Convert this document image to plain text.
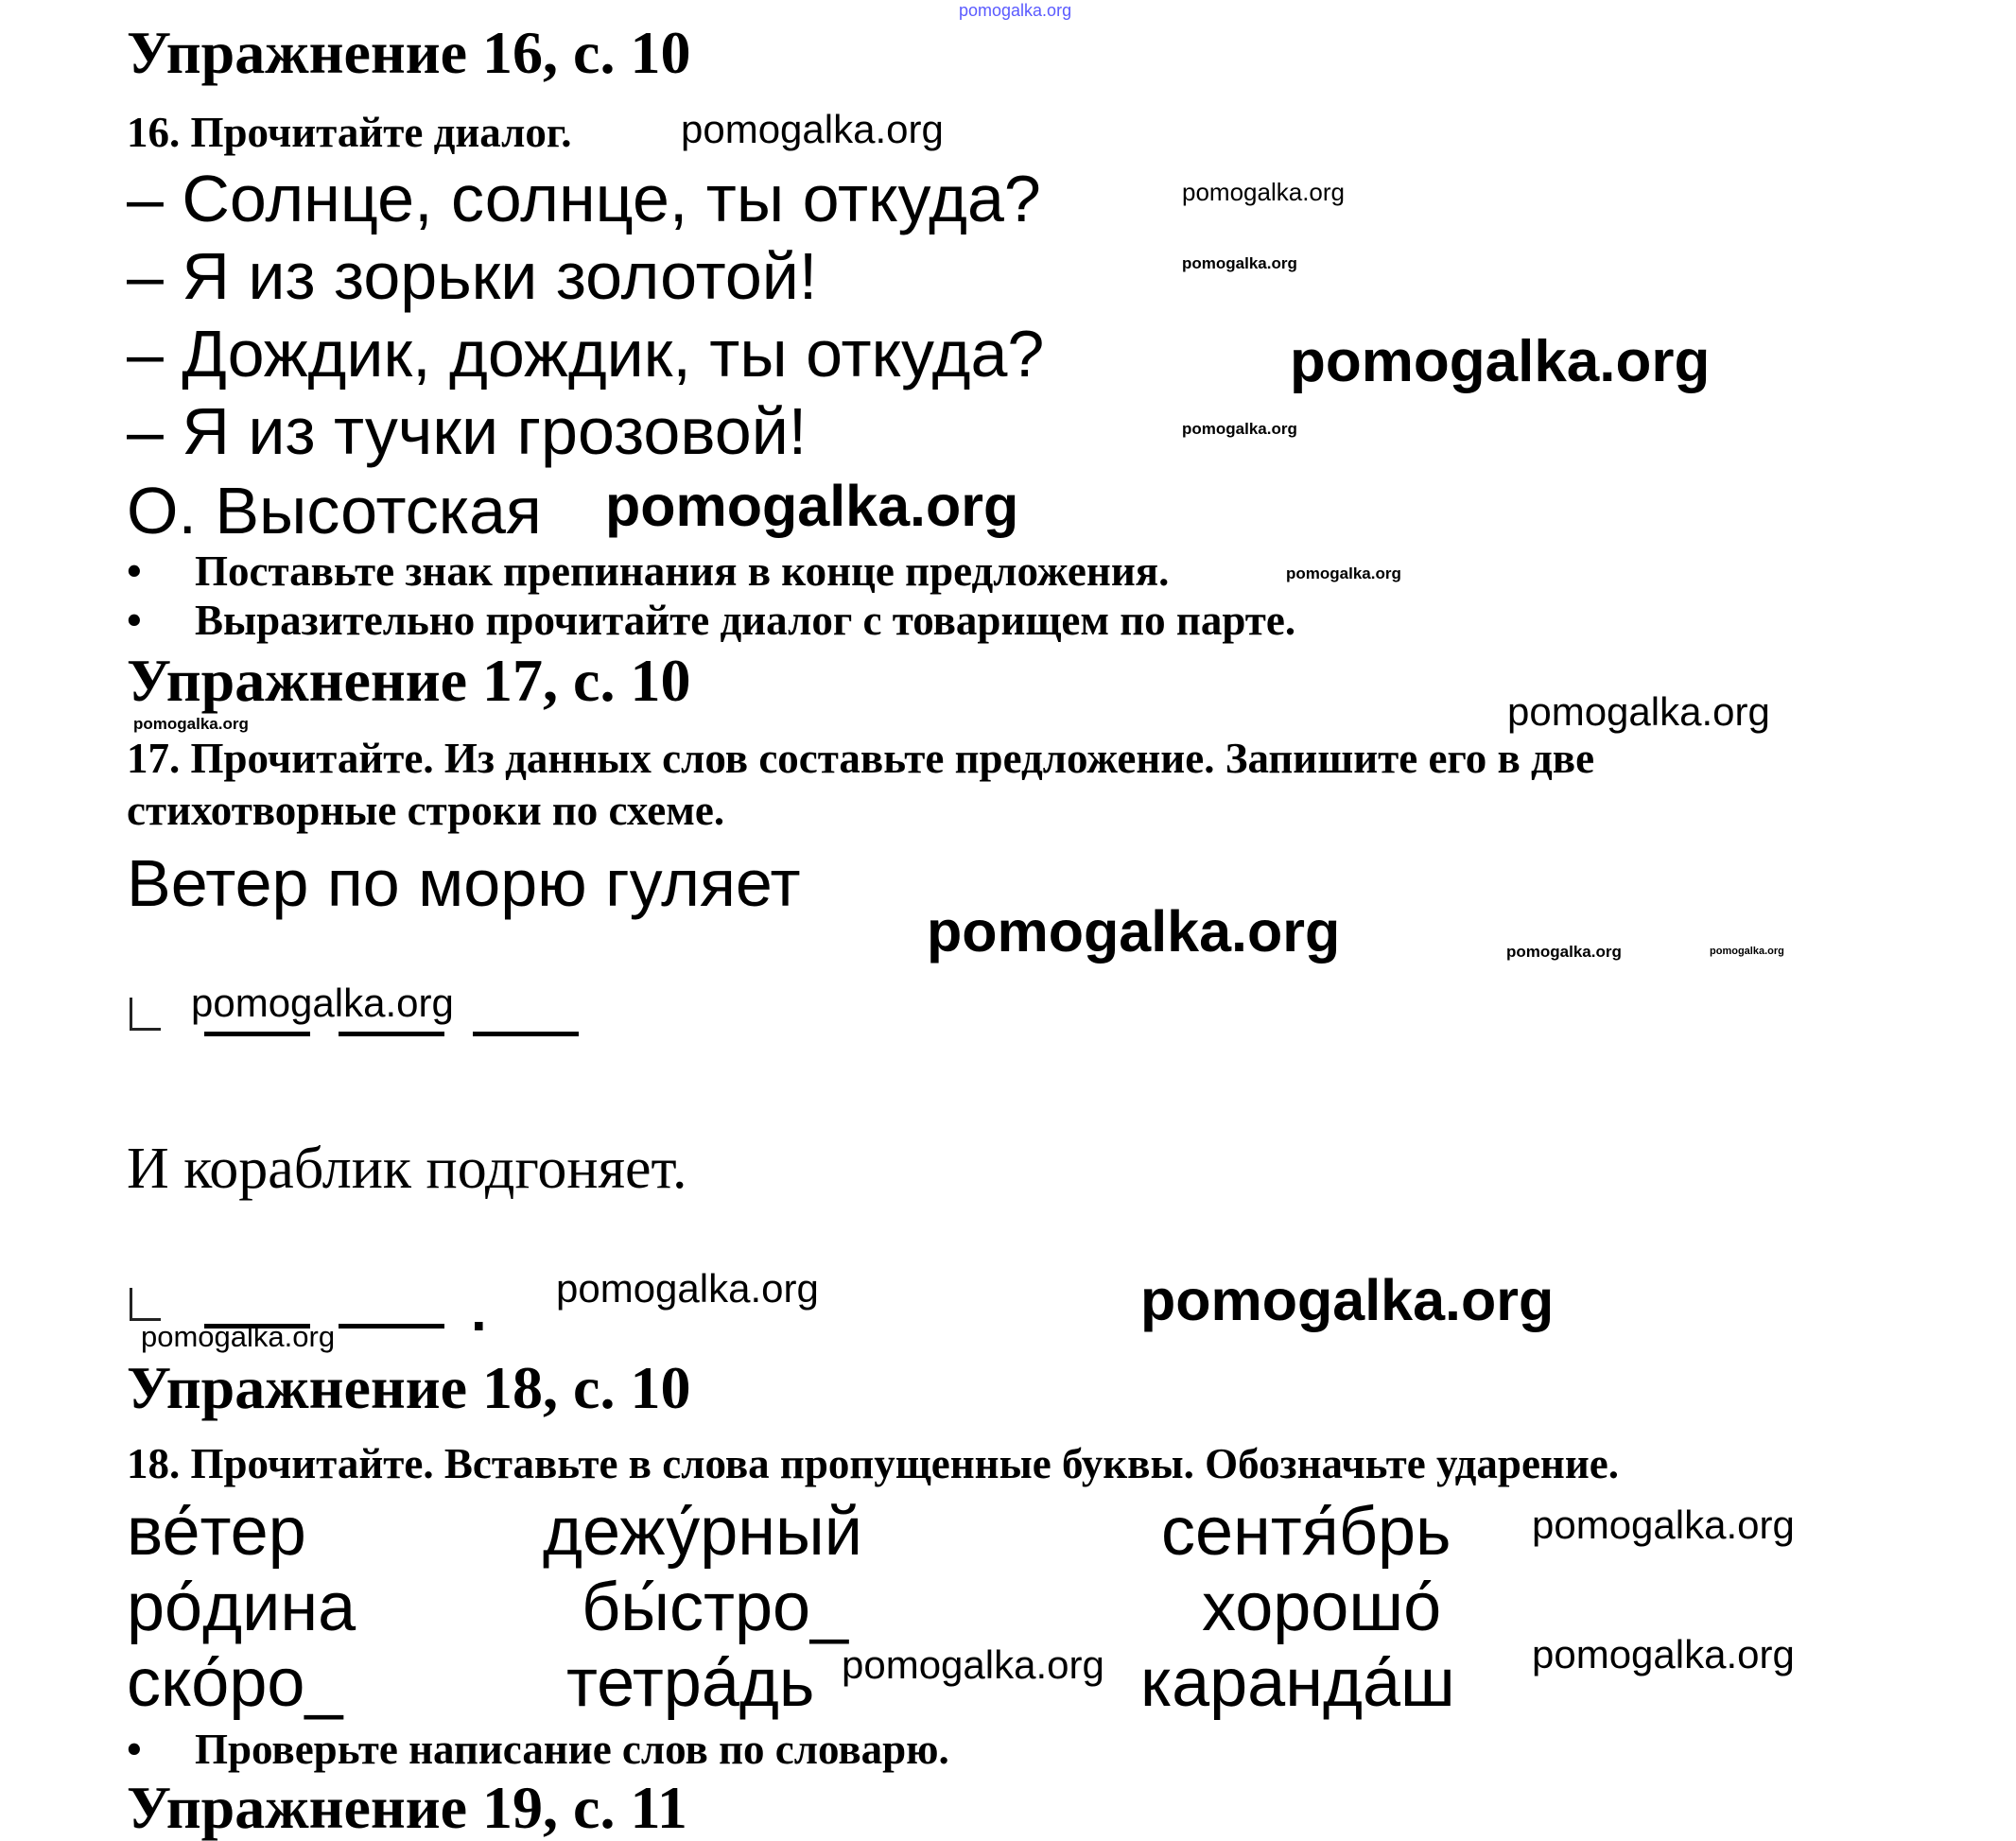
Упражнение 16, с. 10
16. Прочитайте диалог.
– Солнце, солнце, ты откуда?
– Я из зорьки золотой!
– Дождик, дождик, ты откуда?
– Я из тучки грозовой!
О. Высотская
• Поставьте знак препинания в конце предложения.
• Выразительно прочитайте диалог с товарищем по парте.
Упражнение 17, с. 10
17. Прочитайте. Из данных слов составьте предложение. Запишите его в две
стихотворные строки по схеме.
Ветер по морю гуляет
И кораблик подгоняет.
.
Упражнение 18, с. 10
18. Прочитайте. Вставьте в слова пропущенные буквы. Обозначьте ударение.
ве́тер	дежу́рный	сентя́брь
ро́дина	бы́стро_	хорошо́
ско́ро_	тетра́дь	каранда́ш
• Проверьте написание слов по словарю.
Упражнение 19, с. 11
pomogalka.org
pomogalka.org
pomogalka.org
pomogalka.org
pomogalka.org
pomogalka.org
pomogalka.org
pomogalka.org
pomogalka.org
pomogalka.org
pomogalka.org	pomogalka.org	pomogalka.org
pomogalka.org
pomogalka.org	pomogalka.org
pomogalka.org
pomogalka.org
pomogalka.org	pomogalka.org
